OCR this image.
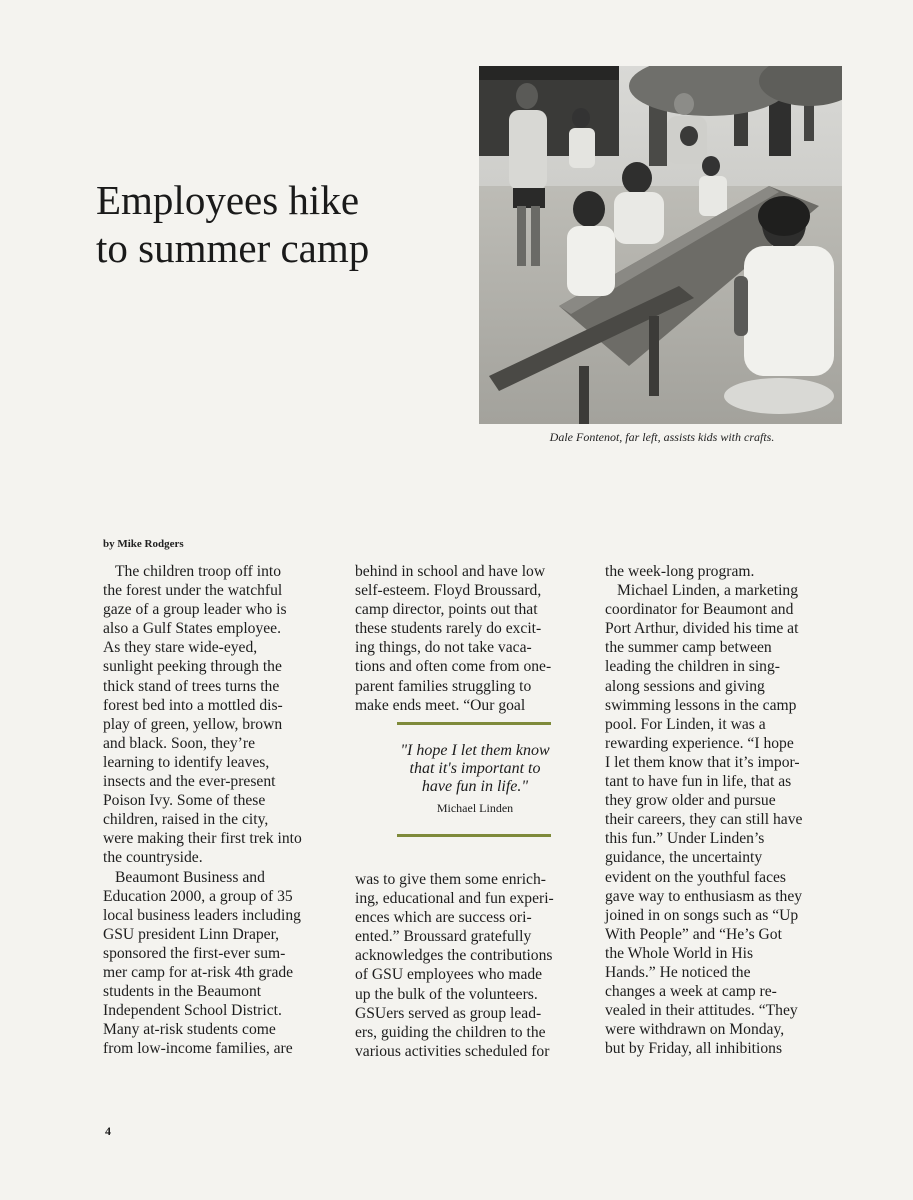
Employees hike
to summer camp
Dale Fontenot, far left, assists kids with crafts.
by Mike Rodgers
The children troop off into
the forest under the watchful
gaze of a group leader who is
also a Gulf States employee.
As they stare wide-eyed,
sunlight peeking through the
thick stand of trees turns the
forest bed into a mottled dis-
play of green, yellow, brown
and black. Soon, they’re
learning to identify leaves,
insects and the ever-present
Poison Ivy. Some of these
children, raised in the city,
were making their first trek into
the countryside.
Beaumont Business and
Education 2000, a group of 35
local business leaders including
GSU president Linn Draper,
sponsored the first-ever sum-
mer camp for at-risk 4th grade
students in the Beaumont
Independent School District.
Many at-risk students come
from low-income families, are
behind in school and have low
self-esteem. Floyd Broussard,
camp director, points out that
these students rarely do excit-
ing things, do not take vaca-
tions and often come from one-
parent families struggling to
make ends meet. “Our goal
"I hope I let them know
that it's important to
have fun in life."
Michael Linden
was to give them some enrich-
ing, educational and fun experi-
ences which are success ori-
ented.” Broussard gratefully
acknowledges the contributions
of GSU employees who made
up the bulk of the volunteers.
GSUers served as group lead-
ers, guiding the children to the
various activities scheduled for
the week-long program.
Michael Linden, a marketing
coordinator for Beaumont and
Port Arthur, divided his time at
the summer camp between
leading the children in sing-
along sessions and giving
swimming lessons in the camp
pool. For Linden, it was a
rewarding experience. “I hope
I let them know that it’s impor-
tant to have fun in life, that as
they grow older and pursue
their careers, they can still have
this fun.” Under Linden’s
guidance, the uncertainty
evident on the youthful faces
gave way to enthusiasm as they
joined in on songs such as “Up
With People” and “He’s Got
the Whole World in His
Hands.” He noticed the
changes a week at camp re-
vealed in their attitudes. “They
were withdrawn on Monday,
but by Friday, all inhibitions
4
